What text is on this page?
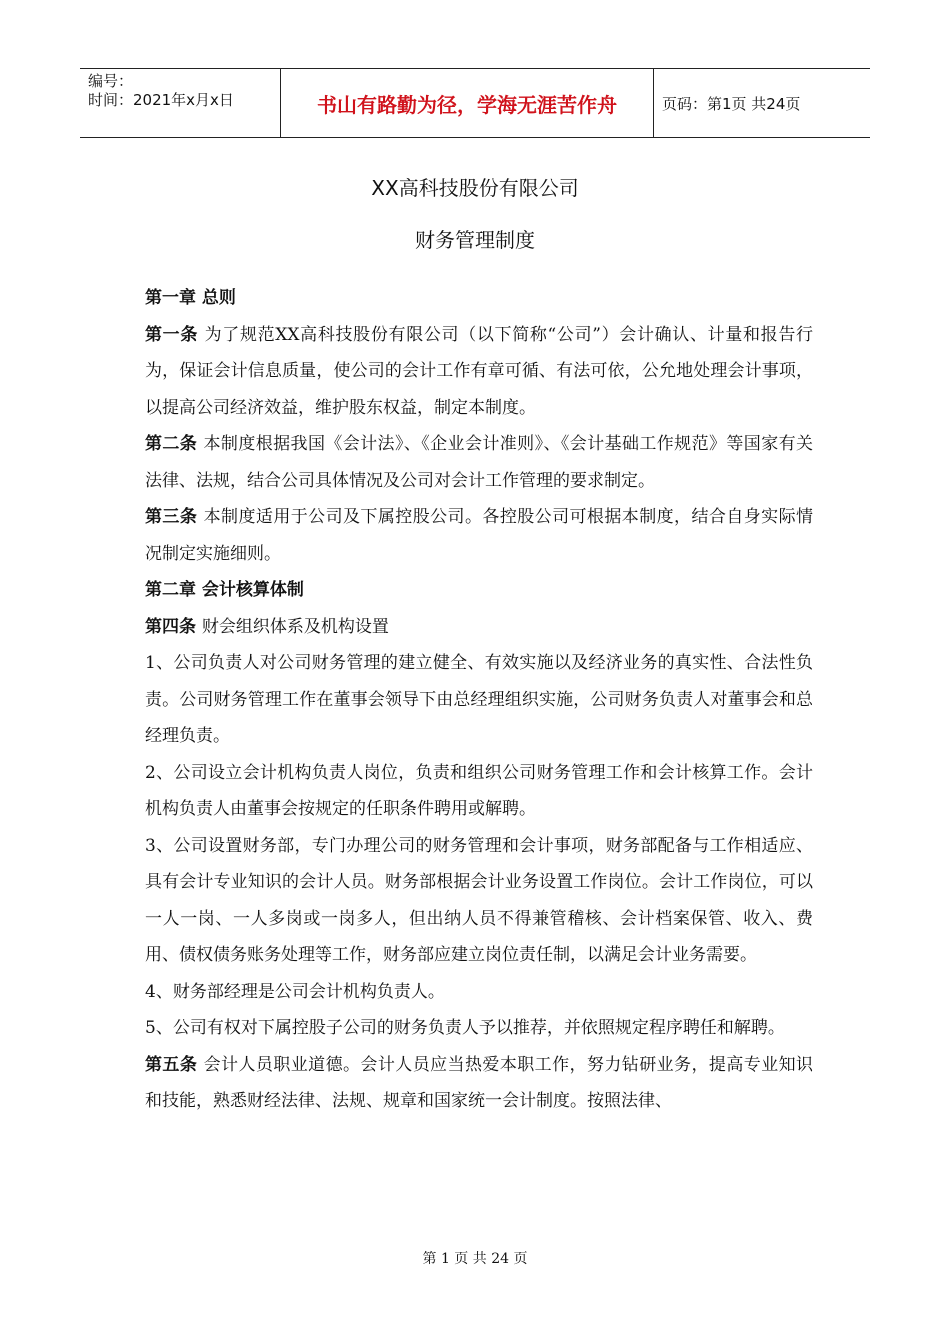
编号：
时间：2021年x月x日	书山有路勤为径，学海无涯苦作舟	页码：第1页 共24页
XX高科技股份有限公司
财务管理制度

第一章 总则

第一条 为了规范XX高科技股份有限公司（以下简称“公司”）会计确认、计量和报告行为，保证会计信息质量，使公司的会计工作有章可循、有法可依，公允地处理会计事项，以提高公司经济效益，维护股东权益，制定本制度。

第二条 本制度根据我国《会计法》、《企业会计准则》、《会计基础工作规范》等国家有关法律、法规，结合公司具体情况及公司对会计工作管理的要求制定。

第三条 本制度适用于公司及下属控股公司。各控股公司可根据本制度，结合自身实际情况制定实施细则。

第二章 会计核算体制

第四条 财会组织体系及机构设置

1、公司负责人对公司财务管理的建立健全、有效实施以及经济业务的真实性、合法性负责。公司财务管理工作在董事会领导下由总经理组织实施，公司财务负责人对董事会和总经理负责。

2、公司设立会计机构负责人岗位，负责和组织公司财务管理工作和会计核算工作。会计机构负责人由董事会按规定的任职条件聘用或解聘。

3、公司设置财务部，专门办理公司的财务管理和会计事项，财务部配备与工作相适应、具有会计专业知识的会计人员。财务部根据会计业务设置工作岗位。会计工作岗位，可以一人一岗、一人多岗或一岗多人，但出纳人员不得兼管稽核、会计档案保管、收入、费用、债权债务账务处理等工作，财务部应建立岗位责任制，以满足会计业务需要。

4、财务部经理是公司会计机构负责人。

5、公司有权对下属控股子公司的财务负责人予以推荐，并依照规定程序聘任和解聘。

第五条 会计人员职业道德。会计人员应当热爱本职工作，努力钻研业务，提高专业知识和技能，熟悉财经法律、法规、规章和国家统一会计制度。按照法律、

第 1 页 共 24 页
